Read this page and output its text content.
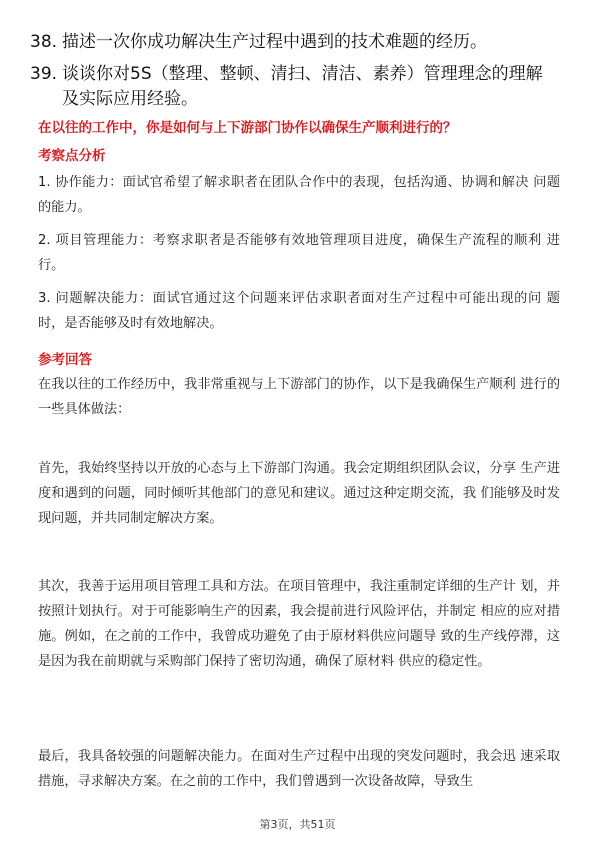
38. 描述一次你成功解决生产过程中遇到的技术难题的经历。
39. 谈谈你对5S（整理、整顿、清扫、清洁、素养）管理理念的理解
及实际应用经验。
在以往的工作中，你是如何与上下游部门协作以确保生产顺利进行的？
考察点分析
1. 协作能力：面试官希望了解求职者在团队合作中的表现，包括沟通、协调和解决 问题的能力。
2. 项目管理能力：考察求职者是否能够有效地管理项目进度，确保生产流程的顺利 进行。
3. 问题解决能力：面试官通过这个问题来评估求职者面对生产过程中可能出现的问 题时，是否能够及时有效地解决。
参考回答
在我以往的工作经历中，我非常重视与上下游部门的协作，以下是我确保生产顺利 进行的一些具体做法：
首先，我始终坚持以开放的心态与上下游部门沟通。我会定期组织团队会议，分享 生产进度和遇到的问题，同时倾听其他部门的意见和建议。通过这种定期交流，我 们能够及时发现问题，并共同制定解决方案。
其次，我善于运用项目管理工具和方法。在项目管理中，我注重制定详细的生产计 划，并按照计划执行。对于可能影响生产的因素，我会提前进行风险评估，并制定 相应的应对措施。例如，在之前的工作中，我曾成功避免了由于原材料供应问题导 致的生产线停滞，这是因为我在前期就与采购部门保持了密切沟通，确保了原材料 供应的稳定性。
最后，我具备较强的问题解决能力。在面对生产过程中出现的突发问题时，我会迅 速采取措施，寻求解决方案。在之前的工作中，我们曾遇到一次设备故障，导致生
第3页，共51页
